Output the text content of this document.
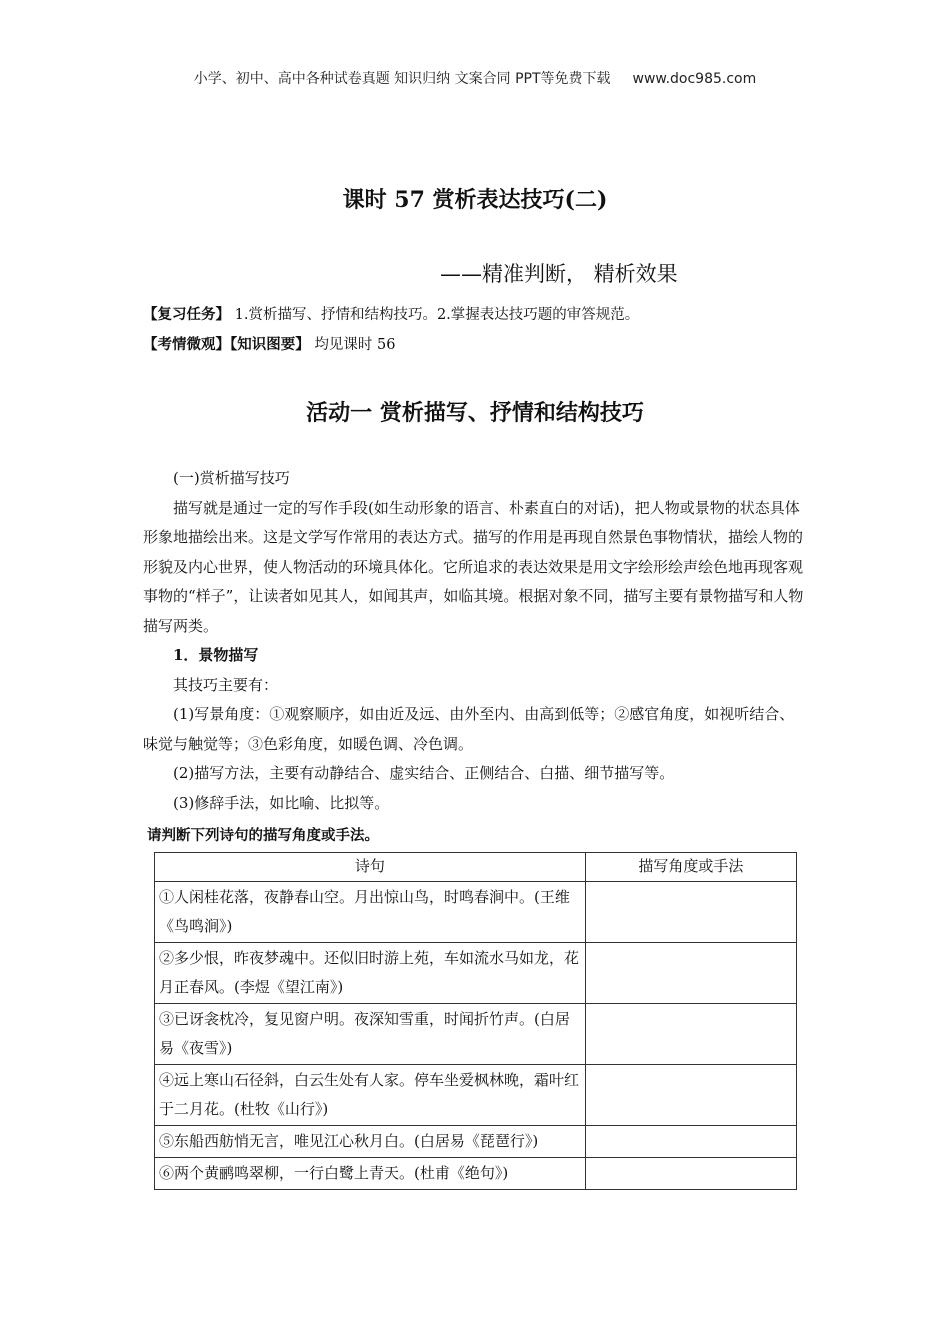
小学、初中、高中各种试卷真题 知识归纳 文案合同 PPT等免费下载 www.doc985.com
课时 57 赏析表达技巧(二)
——精准判断， 精析效果
【复习任务】 1.赏析描写、抒情和结构技巧。2.掌握表达技巧题的审答规范。
【考情微观】【知识图要】 均见课时 56
活动一 赏析描写、抒情和结构技巧

(一)赏析描写技巧

描写就是通过一定的写作手段(如生动形象的语言、朴素直白的对话)，把人物或景物的状态具体形象地描绘出来。这是文学写作常用的表达方式。描写的作用是再现自然景色事物情状，描绘人物的形貌及内心世界，使人物活动的环境具体化。它所追求的表达效果是用文字绘形绘声绘色地再现客观事物的“样子”，让读者如见其人，如闻其声，如临其境。根据对象不同，描写主要有景物描写和人物描写两类。

1．景物描写

其技巧主要有：

(1)写景角度：①观察顺序，如由近及远、由外至内、由高到低等；②感官角度，如视听结合、味觉与触觉等；③色彩角度，如暖色调、冷色调。

(2)描写方法，主要有动静结合、虚实结合、正侧结合、白描、细节描写等。

(3)修辞手法，如比喻、比拟等。

请判断下列诗句的描写角度或手法。
诗句	描写角度或手法
①人闲桂花落，夜静春山空。月出惊山鸟，时鸣春涧中。(王维《鸟鸣涧》)	
②多少恨，昨夜梦魂中。还似旧时游上苑，车如流水马如龙，花月正春风。(李煜《望江南》)	
③已讶衾枕冷，复见窗户明。夜深知雪重，时闻折竹声。(白居易《夜雪》)	
④远上寒山石径斜，白云生处有人家。停车坐爱枫林晚，霜叶红于二月花。(杜牧《山行》)	
⑤东船西舫悄无言，唯见江心秋月白。(白居易《琵琶行》)	
⑥两个黄鹂鸣翠柳，一行白鹭上青天。(杜甫《绝句》)	
